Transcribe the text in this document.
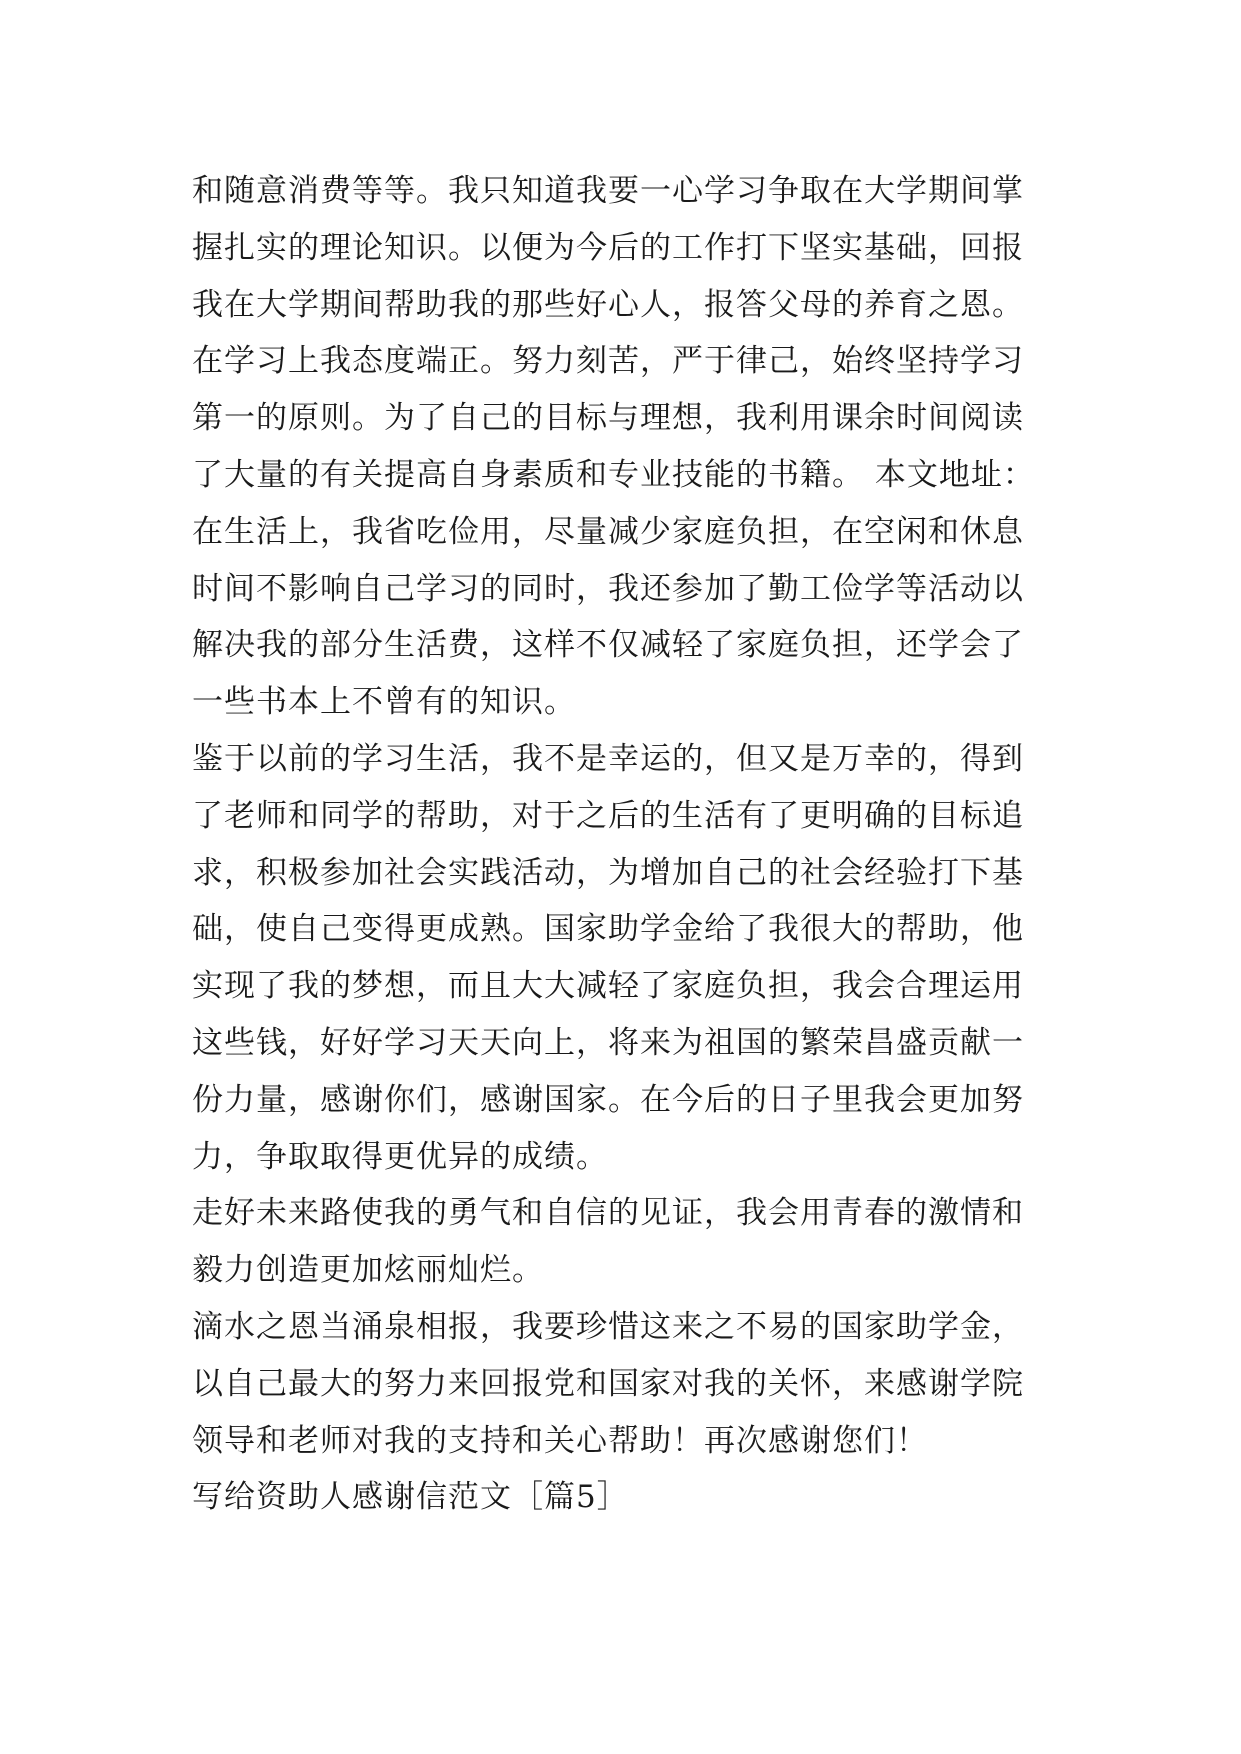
和随意消费等等。我只知道我要一心学习争取在大学期间掌
握扎实的理论知识。以便为今后的工作打下坚实基础，回报
我在大学期间帮助我的那些好心人，报答父母的养育之恩。
在学习上我态度端正。努力刻苦，严于律己，始终坚持学习
第一的原则。为了自己的目标与理想，我利用课余时间阅读
了大量的有关提高自身素质和专业技能的书籍。 本文地址：
在生活上，我省吃俭用，尽量减少家庭负担，在空闲和休息
时间不影响自己学习的同时，我还参加了勤工俭学等活动以
解决我的部分生活费，这样不仅减轻了家庭负担，还学会了
一些书本上不曾有的知识。
鉴于以前的学习生活，我不是幸运的，但又是万幸的，得到
了老师和同学的帮助，对于之后的生活有了更明确的目标追
求，积极参加社会实践活动，为增加自己的社会经验打下基
础，使自己变得更成熟。国家助学金给了我很大的帮助，他
实现了我的梦想，而且大大减轻了家庭负担，我会合理运用
这些钱，好好学习天天向上，将来为祖国的繁荣昌盛贡献一
份力量，感谢你们，感谢国家。在今后的日子里我会更加努
力，争取取得更优异的成绩。
走好未来路使我的勇气和自信的见证，我会用青春的激情和
毅力创造更加炫丽灿烂。
滴水之恩当涌泉相报，我要珍惜这来之不易的国家助学金，
以自己最大的努力来回报党和国家对我的关怀，来感谢学院
领导和老师对我的支持和关心帮助！再次感谢您们！
写给资助人感谢信范文［篇5］
